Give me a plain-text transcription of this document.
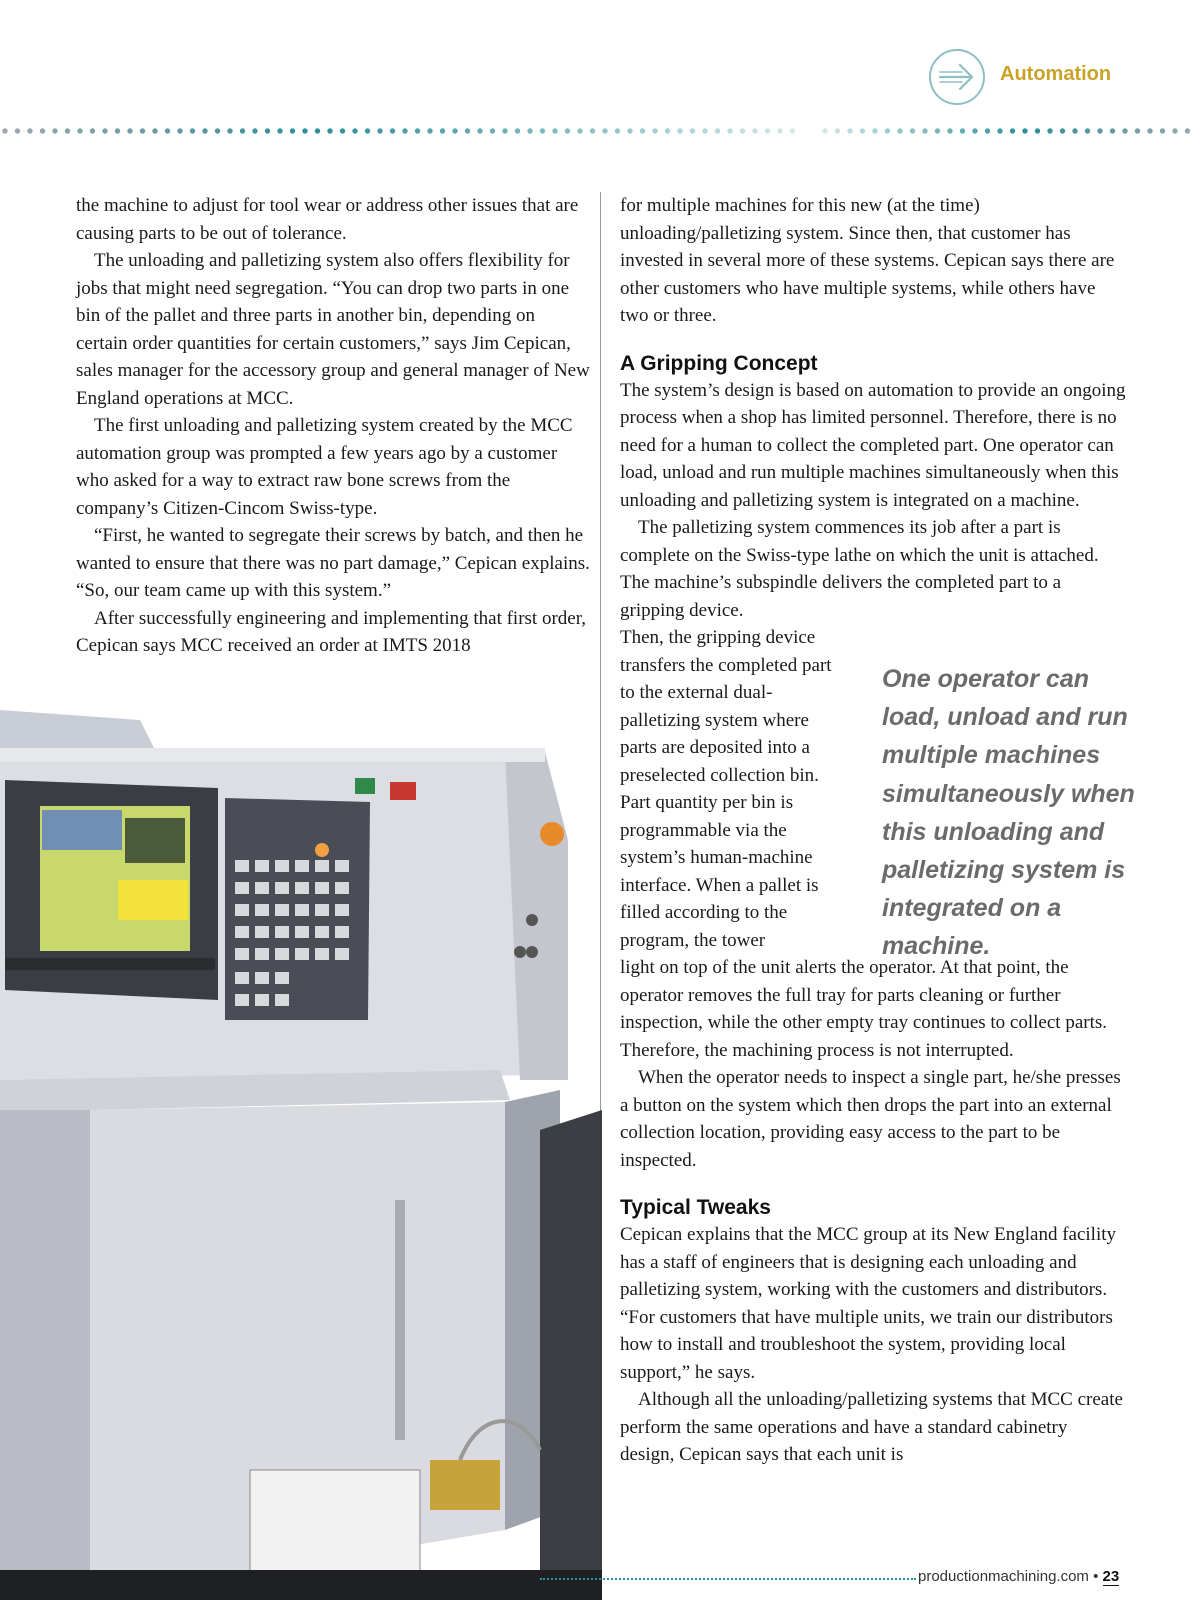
Automation

the machine to adjust for tool wear or address other issues that are causing parts to be out of tolerance.

The unloading and palletizing system also offers flexibility for jobs that might need segregation. “You can drop two parts in one bin of the pallet and three parts in another bin, depending on certain order quantities for certain customers,” says Jim Cepican, sales manager for the accessory group and general manager of New England operations at MCC.

The first unloading and palletizing system created by the MCC automation group was prompted a few years ago by a customer who asked for a way to extract raw bone screws from the company’s Citizen-Cincom Swiss-type.

“First, he wanted to segregate their screws by batch, and then he wanted to ensure that there was no part damage,” Cepican explains. “So, our team came up with this system.”

After successfully engineering and implementing that first order, Cepican says MCC received an order at IMTS 2018

for multiple machines for this new (at the time) unloading/palletizing system. Since then, that customer has invested in several more of these systems. Cepican says there are other customers who have multiple systems, while others have two or three.

A Gripping Concept

The system’s design is based on automation to provide an ongoing process when a shop has limited personnel. Therefore, there is no need for a human to collect the completed part. One operator can load, unload and run multiple machines simultaneously when this unloading and palletizing system is integrated on a machine.

The palletizing system commences its job after a part is complete on the Swiss-type lathe on which the unit is attached. The machine’s subspindle delivers the completed part to a gripping device.

Then, the gripping device transfers the completed part to the external dual-palletizing system where parts are deposited into a preselected collection bin. Part quantity per bin is programmable via the system’s human-machine interface. When a pallet is filled according to the program, the tower

light on top of the unit alerts the operator. At that point, the operator removes the full tray for parts cleaning or further inspection, while the other empty tray continues to collect parts. Therefore, the machining process is not interrupted.

When the operator needs to inspect a single part, he/she presses a button on the system which then drops the part into an external collection location, providing easy access to the part to be inspected.

Typical Tweaks

Cepican explains that the MCC group at its New England facility has a staff of engineers that is designing each unloading and palletizing system, working with the customers and distributors. “For customers that have multiple units, we train our distributors how to install and troubleshoot the system, providing local support,” he says.

Although all the unloading/palletizing systems that MCC create perform the same operations and have a standard cabinetry design, Cepican says that each unit is

One operator can load, unload and run multiple machines simultaneously when this unloading and palletizing system is integrated on a machine.
productionmachining.com • 23
